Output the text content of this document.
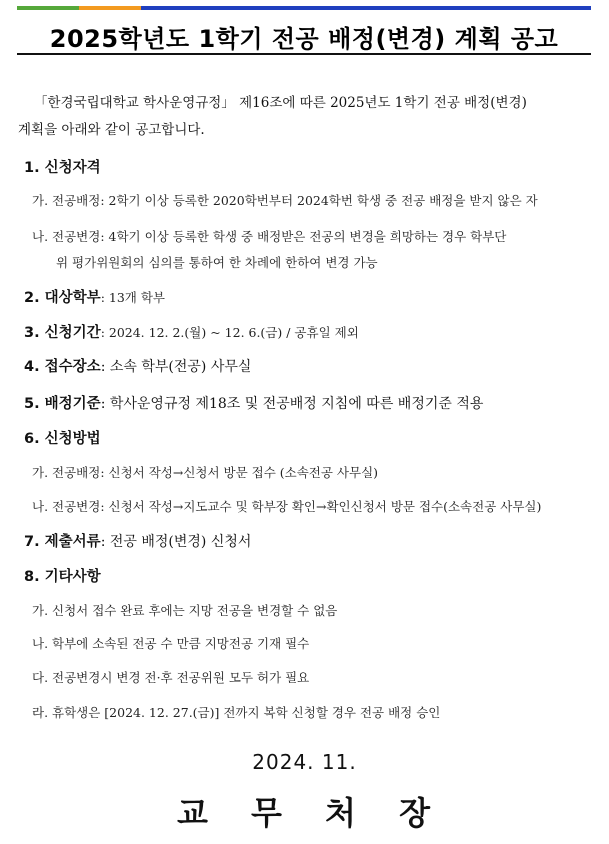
2025학년도 1학기 전공 배정(변경) 계획 공고
「한경국립대학교 학사운영규정」 제16조에 따른 2025년도 1학기 전공 배정(변경)
계획을 아래와 같이 공고합니다.
1. 신청자격
가. 전공배정: 2학기 이상 등록한 2020학번부터 2024학번 학생 중 전공 배정을 받지 않은 자
나. 전공변경: 4학기 이상 등록한 학생 중 배정받은 전공의 변경을 희망하는 경우 학부단
위 평가위원회의 심의를 통하여 한 차례에 한하여 변경 가능
2. 대상학부: 13개 학부
3. 신청기간: 2024. 12. 2.(월) ~ 12. 6.(금) / 공휴일 제외
4. 접수장소: 소속 학부(전공) 사무실
5. 배정기준: 학사운영규정 제18조 및 전공배정 지침에 따른 배정기준 적용
6. 신청방법
가. 전공배정: 신청서 작성→신청서 방문 접수 (소속전공 사무실)
나. 전공변경: 신청서 작성→지도교수 및 학부장 확인→확인신청서 방문 접수(소속전공 사무실)
7. 제출서류: 전공 배정(변경) 신청서
8. 기타사항
가. 신청서 접수 완료 후에는 지망 전공을 변경할 수 없음
나. 학부에 소속된 전공 수 만큼 지망전공 기재 필수
다. 전공변경시 변경 전·후 전공위원 모두 허가 필요
라. 휴학생은 [2024. 12. 27.(금)] 전까지 복학 신청할 경우 전공 배정 승인
2024. 11.
교 무 처 장
